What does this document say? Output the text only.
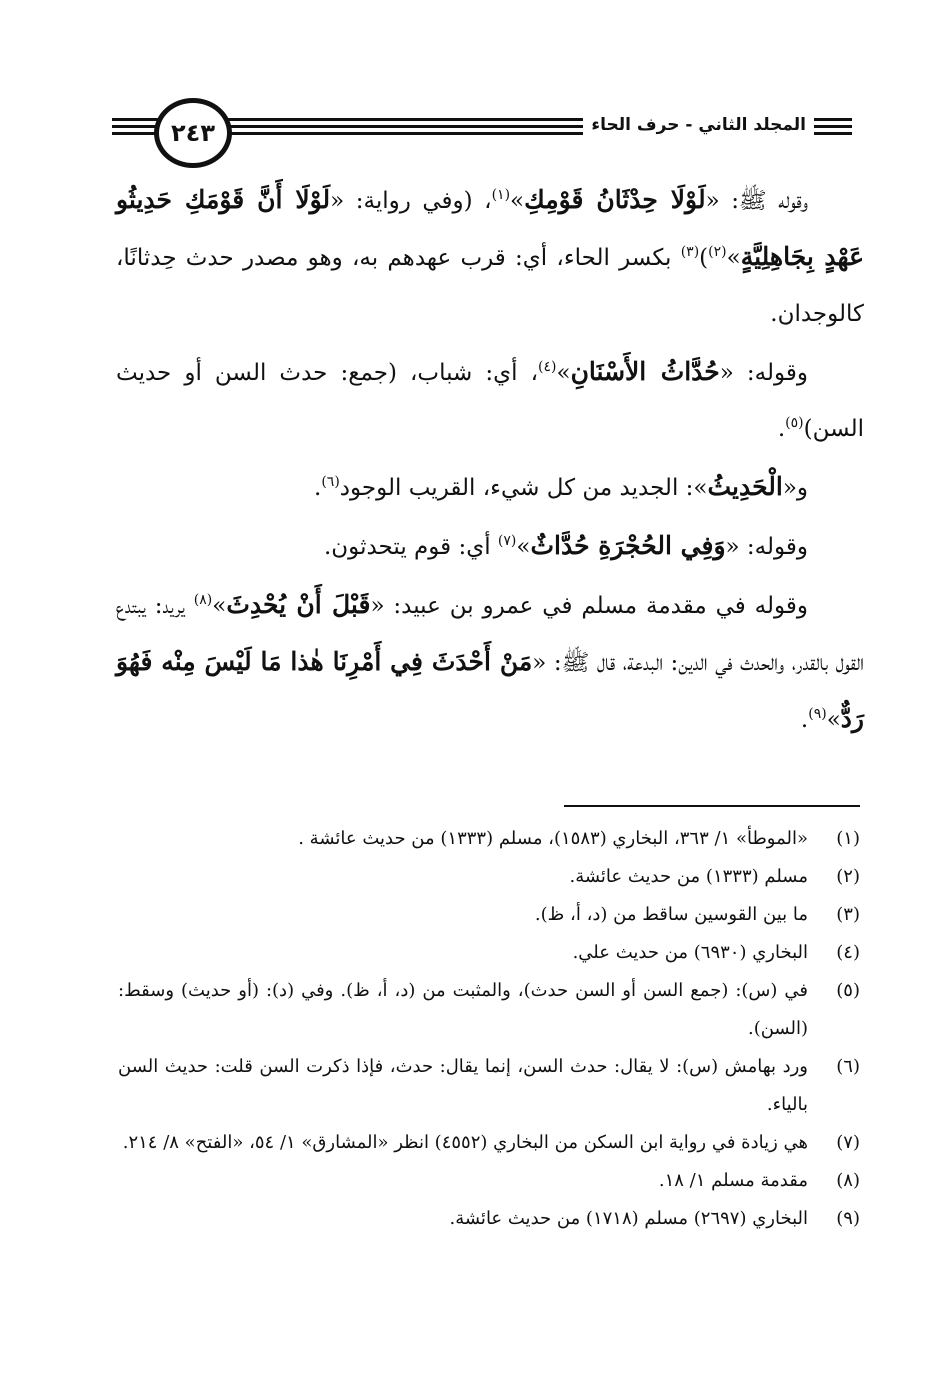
المجلد الثاني - حرف الحاء
٢٤٣

وقوله ﷺ: «لَوْلَا حِدْثَانُ قَوْمِكِ»$^{(١)}$، (وفي رواية: «لَوْلَا أَنَّ قَوْمَكِ حَدِيثُو عَهْدٍ بِجَاهِلِيَّةٍ»$^{(٢)}$)$^{(٣)}$ بكسر الحاء، أي: قرب عهدهم به، وهو مصدر حدث حِدثانًا، كالوجدان.

وقوله: «حُدَّاثُ الأَسْنَانِ»$^{(٤)}$، أي: شباب، (جمع: حدث السن أو حديث السن)$^{(٥)}$.

و«الْحَدِيثُ»: الجديد من كل شيء، القريب الوجود$^{(٦)}$.

وقوله: «وَفِي الحُجْرَةِ حُدَّاثٌ»$^{(٧)}$ أي: قوم يتحدثون.

وقوله في مقدمة مسلم في عمرو بن عبيد: «قَبْلَ أَنْ يُحْدِثَ»$^{(٨)}$ يريد: يبتدع القول بالقدر، والحدث في الدين: البدعة، قال ﷺ: «مَنْ أَحْدَثَ فِي أَمْرِنَا هٰذا مَا لَيْسَ مِنْه فَهُوَ رَدٌّ»$^{(٩)}$.

(١)
«الموطأ» ١/ ٣٦٣، البخاري (١٥٨٣)، مسلم (١٣٣٣) من حديث عائشة .
(٢)
مسلم (١٣٣٣) من حديث عائشة.
(٣)
ما بين القوسين ساقط من (د، أ، ظ).
(٤)
البخاري (٦٩٣٠) من حديث علي.
(٥)
في (س): (جمع السن أو السن حدث)، والمثبت من (د، أ، ظ). وفي (د): (أو حديث) وسقط: (السن).
(٦)
ورد بهامش (س): لا يقال: حدث السن، إنما يقال: حدث، فإذا ذكرت السن قلت: حديث السن بالياء.
(٧)
هي زيادة في رواية ابن السكن من البخاري (٤٥٥٢) انظر «المشارق» ١/ ٥٤، «الفتح» ٨/ ٢١٤.
(٨)
مقدمة مسلم ١/ ١٨.
(٩)
البخاري (٢٦٩٧) مسلم (١٧١٨) من حديث عائشة.
